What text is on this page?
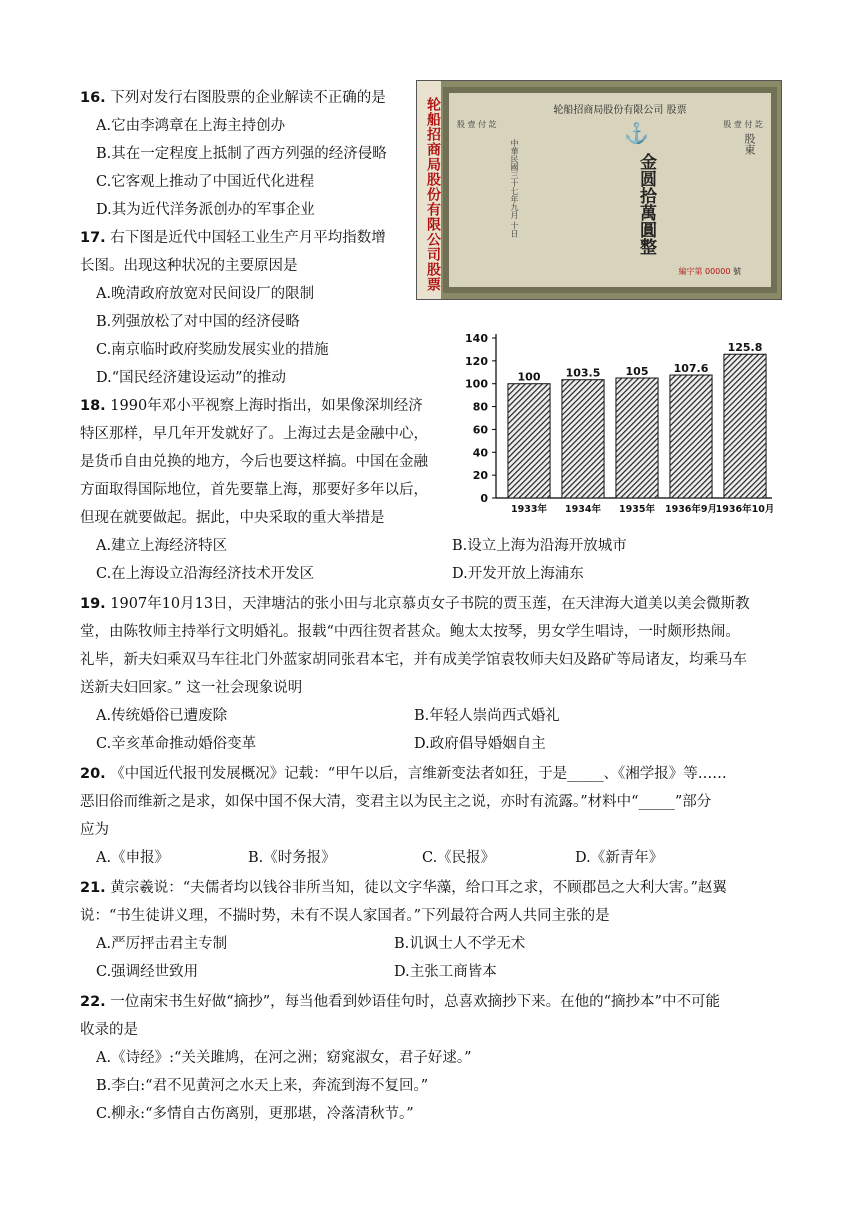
16. 下列对发行右图股票的企业解读不正确的是
A.它由李鸿章在上海主持创办
B.其在一定程度上抵制了西方列强的经济侵略
C.它客观上推动了中国近代化进程
D.其为近代洋务派创办的军事企业
17. 右下图是近代中国轻工业生产月平均指数增
长图。出现这种状况的主要原因是
A.晚清政府放宽对民间设厂的限制
B.列强放松了对中国的经济侵略
C.南京临时政府奖励发展实业的措施
D.“国民经济建设运动”的推动
18. 1990年邓小平视察上海时指出，如果像深圳经济
特区那样，早几年开发就好了。上海过去是金融中心，
是货币自由兑换的地方，今后也要这样搞。中国在金融
方面取得国际地位，首先要靠上海，那要好多年以后，
但现在就要做起。据此，中央采取的重大举措是
A.建立上海经济特区	B.设立上海为沿海开放城市
C.在上海设立沿海经济技术开发区	D.开发开放上海浦东
19. 1907年10月13日，天津塘沽的张小田与北京慕贞女子书院的贾玉莲，在天津海大道美以美会微斯教
堂，由陈牧师主持举行文明婚礼。报载“中西往贺者甚众。鲍太太按琴，男女学生唱诗，一时颇形热闹。
礼毕，新夫妇乘双马车往北门外蓝家胡同张君本宅，并有成美学馆袁牧师夫妇及路矿等局诸友，均乘马车
送新夫妇回家。” 这一社会现象说明
A.传统婚俗已遭废除	B.年轻人崇尚西式婚礼
C.辛亥革命推动婚俗变革	D.政府倡导婚姻自主
20. 《中国近代报刊发展概况》记载：“甲午以后，言维新变法者如狂，于是_____、《湘学报》等……
恶旧俗而维新之是求，如保中国不保大清，变君主以为民主之说，亦时有流露。”材料中“_____”部分
应为
A.《申报》	B.《时务报》	C.《民报》	D.《新青年》
21. 黄宗羲说：“夫儒者均以钱谷非所当知，徒以文字华藻，给口耳之求，不顾郡邑之大利大害。”赵翼
说：“书生徒讲义理，不揣时势，未有不误人家国者。”下列最符合两人共同主张的是
A.严厉抨击君主专制	B.讥讽士人不学无术
C.强调经世致用	D.主张工商皆本
22. 一位南宋书生好做“摘抄”，每当他看到妙语佳句时，总喜欢摘抄下来。在他的“摘抄本”中不可能
收录的是
A.《诗经》:“关关雎鸠，在河之洲；窈窕淑女，君子好逑。”
B.李白:“君不见黄河之水天上来，奔流到海不复回。”
C.柳永:“多情自古伤离别，更那堪，冷落清秋节。”
轮船招商局股份有限公司股票	轮船招商局股份有限公司 股票
⚓
股 壹 付 訖	股 壹 付 訖
金圆拾萬圓整
股東
中華民國三十七年九月 十日
編字第 00000 號
0
20
40
60
80
100
120
140
100
1933年
103.5
1934年
105
1935年
107.6
1936年9月
125.8
1936年10月
